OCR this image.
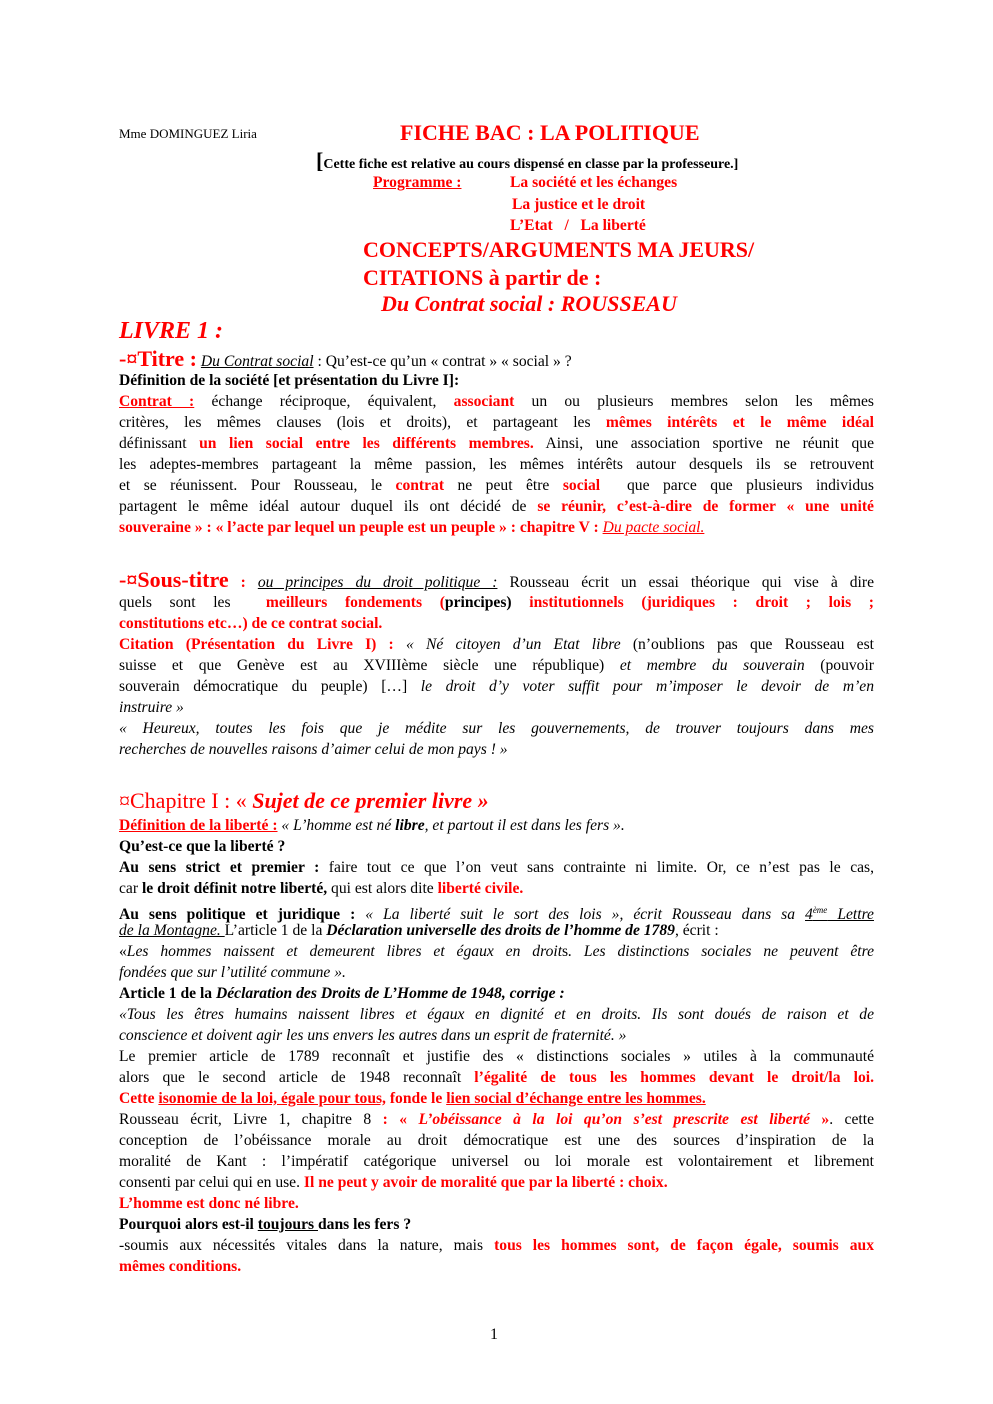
Mme DOMINGUEZ Liria	FICHE BAC : LA POLITIQUE
[Cette fiche est relative au cours dispensé en classe par la professeure.]
Programme :	La société et les échanges
La justice et le droit
L’Etat   /   La liberté
CONCEPTS/ARGUMENTS MA JEURS/
CITATIONS à partir de :
Du Contrat social : ROUSSEAU
LIVRE 1 :
-¤Titre : Du Contrat social : Qu’est-ce qu’un « contrat » « social » ?
Définition de la société [et présentation du Livre I]:
Contrat : échange réciproque, équivalent, associant un ou plusieurs membres selon les mêmes
critères, les mêmes clauses (lois et droits), et partageant les mêmes intérêts et le même idéal
définissant un lien social entre les différents membres. Ainsi, une association sportive ne réunit que
les adeptes-membres partageant la même passion, les mêmes intérêts autour desquels ils se retrouvent
et se réunissent. Pour Rousseau, le contrat ne peut être social  que parce que plusieurs individus
partagent le même idéal autour duquel ils ont décidé de se réunir, c’est-à-dire de former « une unité
souveraine » : « l’acte par lequel un peuple est un peuple » : chapitre V : Du pacte social.
-¤Sous-titre : ou principes du droit politique : Rousseau écrit un essai théorique qui vise à dire
quels sont les  meilleurs fondements (principes) institutionnels (juridiques : droit ; lois ;
constitutions etc…) de ce contrat social.
Citation (Présentation du Livre I) : « Né citoyen d’un Etat libre (n’oublions pas que Rousseau est
suisse et que Genève est au XVIIIème siècle une république) et membre du souverain (pouvoir
souverain démocratique du peuple) […] le droit d’y voter suffit pour m’imposer le devoir de m’en
instruire »
« Heureux, toutes les fois que je médite sur les gouvernements, de trouver toujours dans mes
recherches de nouvelles raisons d’aimer celui de mon pays ! »
¤Chapitre I : « Sujet de ce premier livre »
Définition de la liberté : « L’homme est né libre, et partout il est dans les fers ».
Qu’est-ce que la liberté ?
Au sens strict et premier : faire tout ce que l’on veut sans contrainte ni limite. Or, ce n’est pas le cas,
car le droit définit notre liberté, qui est alors dite liberté civile.
Au sens politique et juridique : « La liberté suit le sort des lois », écrit Rousseau dans sa 4ème Lettre
de la Montagne. L’article 1 de la Déclaration universelle des droits de l’homme de 1789, écrit :
«Les hommes naissent et demeurent libres et égaux en droits. Les distinctions sociales ne peuvent être
fondées que sur l’utilité commune ».
Article 1 de la Déclaration des Droits de L’Homme de 1948, corrige :
«Tous les êtres humains naissent libres et égaux en dignité et en droits. Ils sont doués de raison et de
conscience et doivent agir les uns envers les autres dans un esprit de fraternité. »
Le premier article de 1789 reconnaît et justifie des « distinctions sociales » utiles à la communauté
alors que le second article de 1948 reconnaît l’égalité de tous les hommes devant le droit/la loi.
Cette isonomie de la loi, égale pour tous, fonde le lien social d’échange entre les hommes.
Rousseau écrit, Livre 1, chapitre 8 : « L’obéissance à la loi qu’on s’est prescrite est liberté ». cette
conception de l’obéissance morale au droit démocratique est une des sources d’inspiration de la
moralité de Kant : l’impératif catégorique universel ou loi morale est volontairement et librement
consenti par celui qui en use. Il ne peut y avoir de moralité que par la liberté : choix.
L’homme est donc né libre.
Pourquoi alors est-il toujours dans les fers ?
-soumis aux nécessités vitales dans la nature, mais tous les hommes sont, de façon égale, soumis aux
mêmes conditions.
1
